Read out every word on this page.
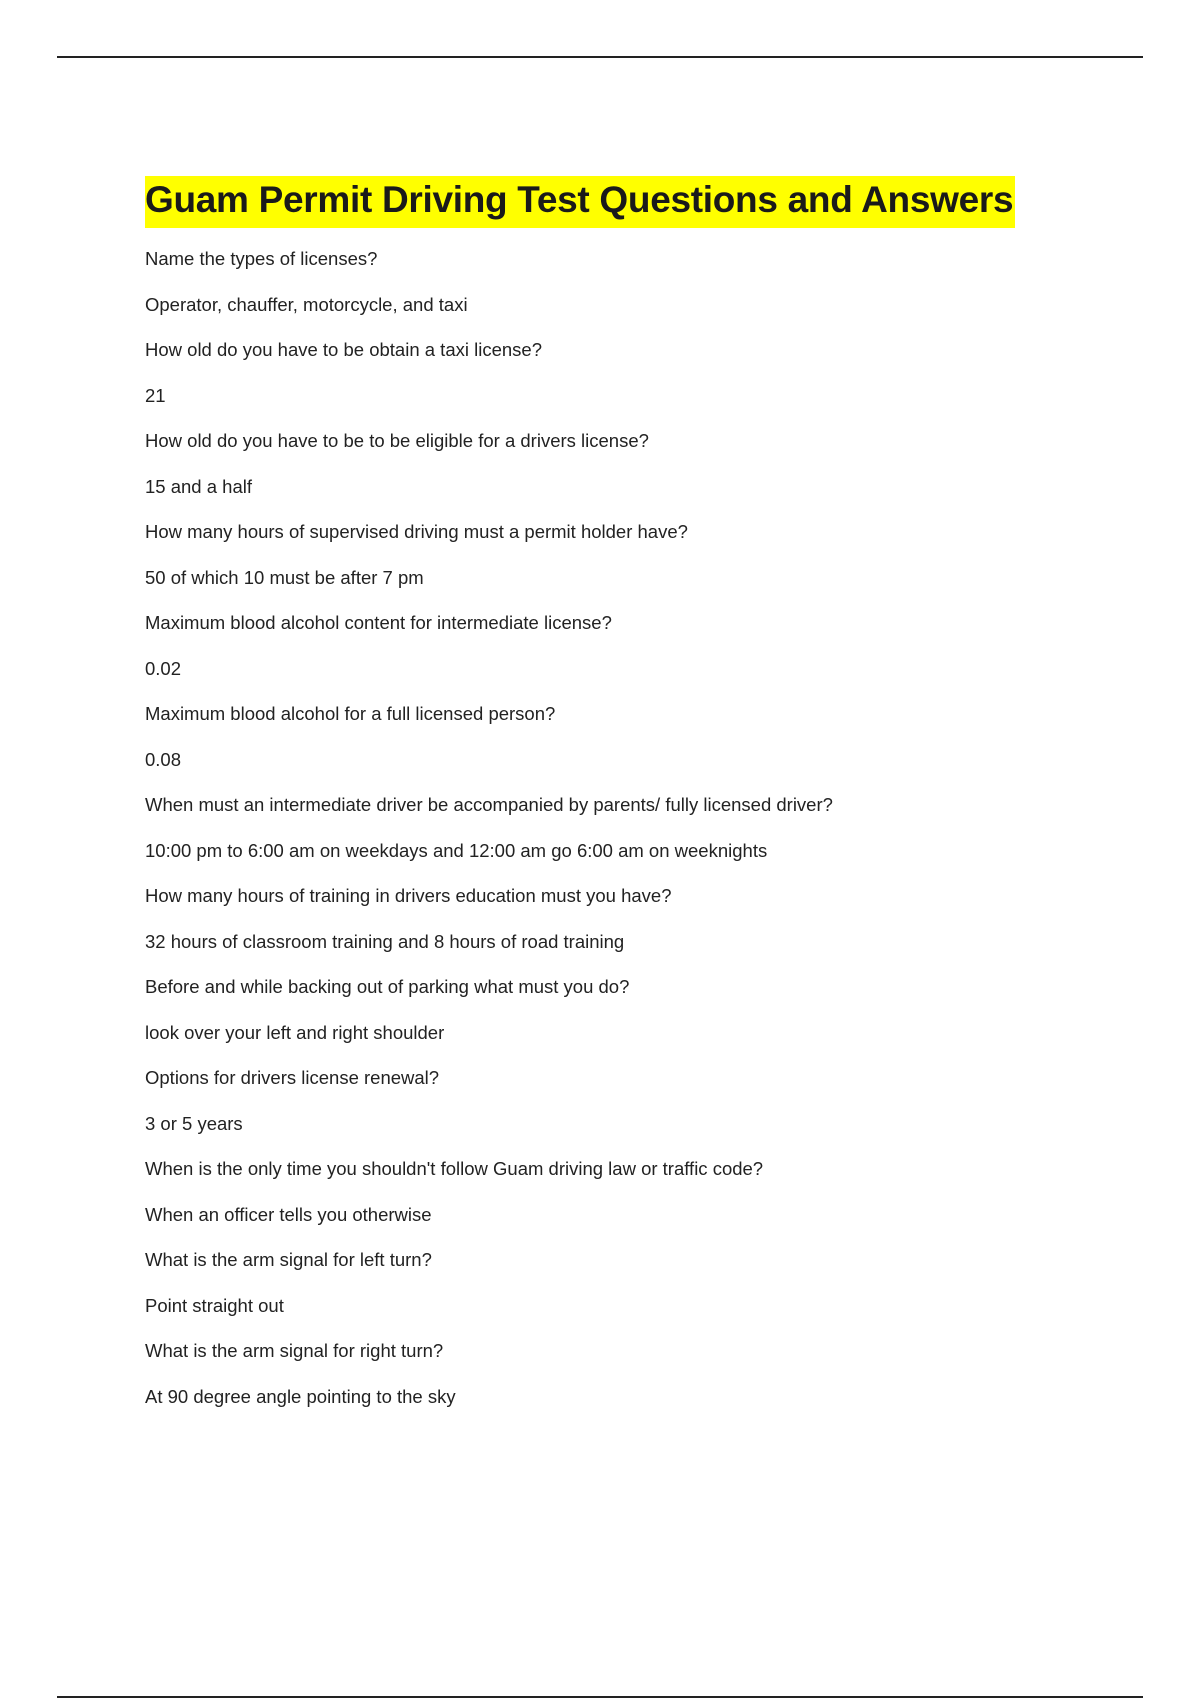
Guam Permit Driving Test Questions and Answers
Name the types of licenses?
Operator, chauffer, motorcycle, and taxi
How old do you have to be obtain a taxi license?
21
How old do you have to be to be eligible for a drivers license?
15 and a half
How many hours of supervised driving must a permit holder have?
50 of which 10 must be after 7 pm
Maximum blood alcohol content for intermediate license?
0.02
Maximum blood alcohol for a full licensed person?
0.08
When must an intermediate driver be accompanied by parents/ fully licensed driver?
10:00 pm to 6:00 am on weekdays and 12:00 am go 6:00 am on weeknights
How many hours of training in drivers education must you have?
32 hours of classroom training and 8 hours of road training
Before and while backing out of parking what must you do?
look over your left and right shoulder
Options for drivers license renewal?
3 or 5 years
When is the only time you shouldn't follow Guam driving law or traffic code?
When an officer tells you otherwise
What is the arm signal for left turn?
Point straight out
What is the arm signal for right turn?
At 90 degree angle pointing to the sky
